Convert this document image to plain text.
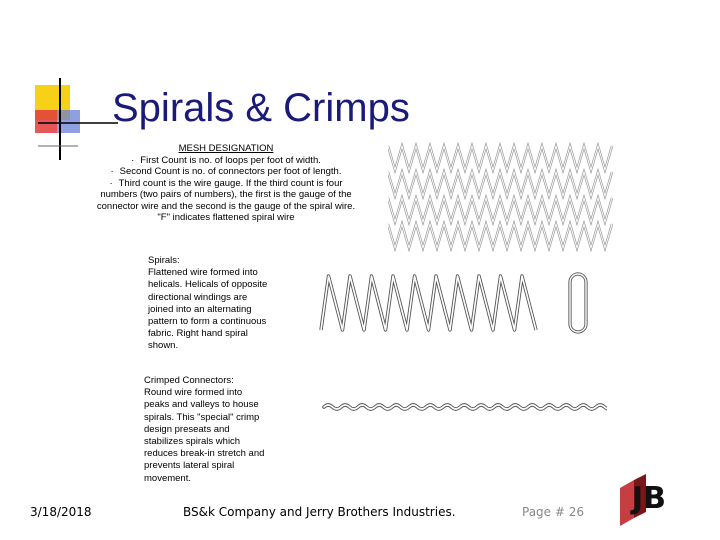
Spirals & Crimps
MESH DESIGNATION
· First Count is no. of loops per foot of width.
· Second Count is no. of connectors per foot of length.
· Third count is the wire gauge. If the third count is four
numbers (two pairs of numbers), the first is the gauge of the
connector wire and the second is the gauge of the spiral wire.
"F" indicates flattened spiral wire
Spirals:
Flattened wire formed into
helicals. Helicals of opposite
directional windings are
joined into an alternating
pattern to form a continuous
fabric. Right hand spiral
shown.
Crimped Connectors:
Round wire formed into
peaks and valleys to house
spirals. This "special" crimp
design preseats and
stabilizes spirals which
reduces break-in stretch and
prevents lateral spiral
movement.
3/18/2018	BS&k Company and Jerry Brothers Industries.	Page # 26 JB
